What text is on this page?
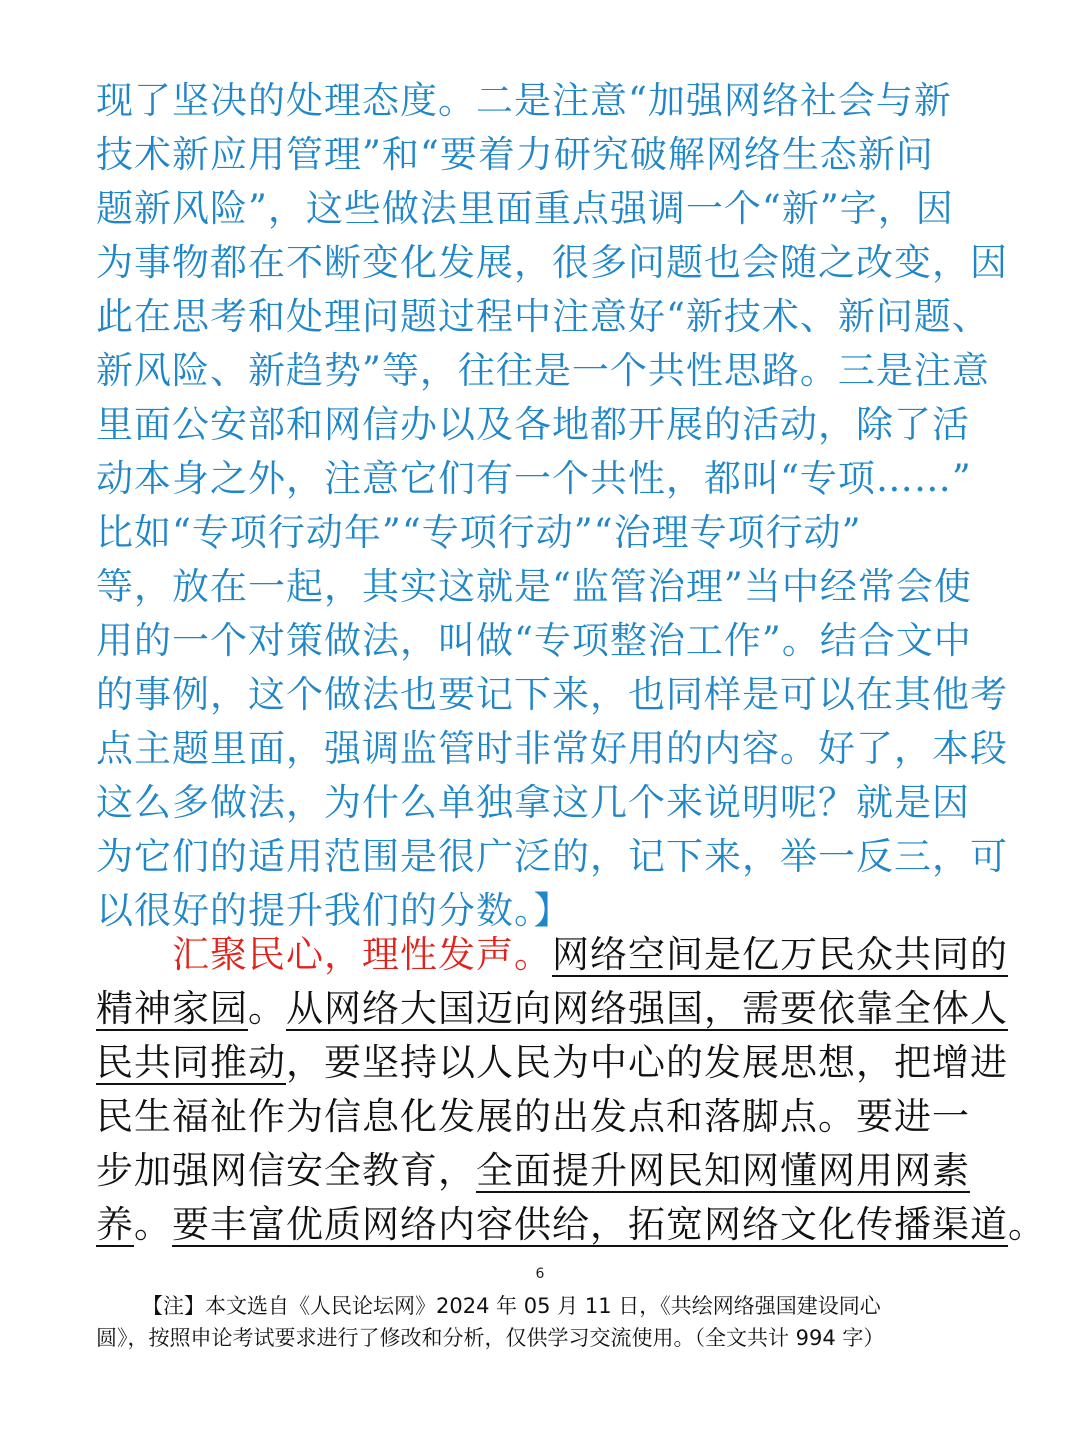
现了坚决的处理态度。二是注意“加强网络社会与新
技术新应用管理”和“要着力研究破解网络生态新问
题新风险”，这些做法里面重点强调一个“新”字，因
为事物都在不断变化发展，很多问题也会随之改变，因
此在思考和处理问题过程中注意好“新技术、新问题、
新风险、新趋势”等，往往是一个共性思路。三是注意
里面公安部和网信办以及各地都开展的活动，除了活
动本身之外，注意它们有一个共性，都叫“专项……”
比如“专项行动年”“专项行动”“治理专项行动”
等，放在一起，其实这就是“监管治理”当中经常会使
用的一个对策做法，叫做“专项整治工作”。结合文中
的事例，这个做法也要记下来，也同样是可以在其他考
点主题里面，强调监管时非常好用的内容。好了，本段
这么多做法，为什么单独拿这几个来说明呢？就是因
为它们的适用范围是很广泛的，记下来，举一反三，可
以很好的提升我们的分数。】
汇聚民心，理性发声。网络空间是亿万民众共同的
精神家园。从网络大国迈向网络强国，需要依靠全体人
民共同推动，要坚持以人民为中心的发展思想，把增进
民生福祉作为信息化发展的出发点和落脚点。要进一
步加强网信安全教育，全面提升网民知网懂网用网素
养。要丰富优质网络内容供给，拓宽网络文化传播渠道。
6
【注】本文选自《人民论坛网》2024 年 05 月 11 日，《共绘网络强国建设同心
圆》，按照申论考试要求进行了修改和分析，仅供学习交流使用。（全文共计 994 字）
